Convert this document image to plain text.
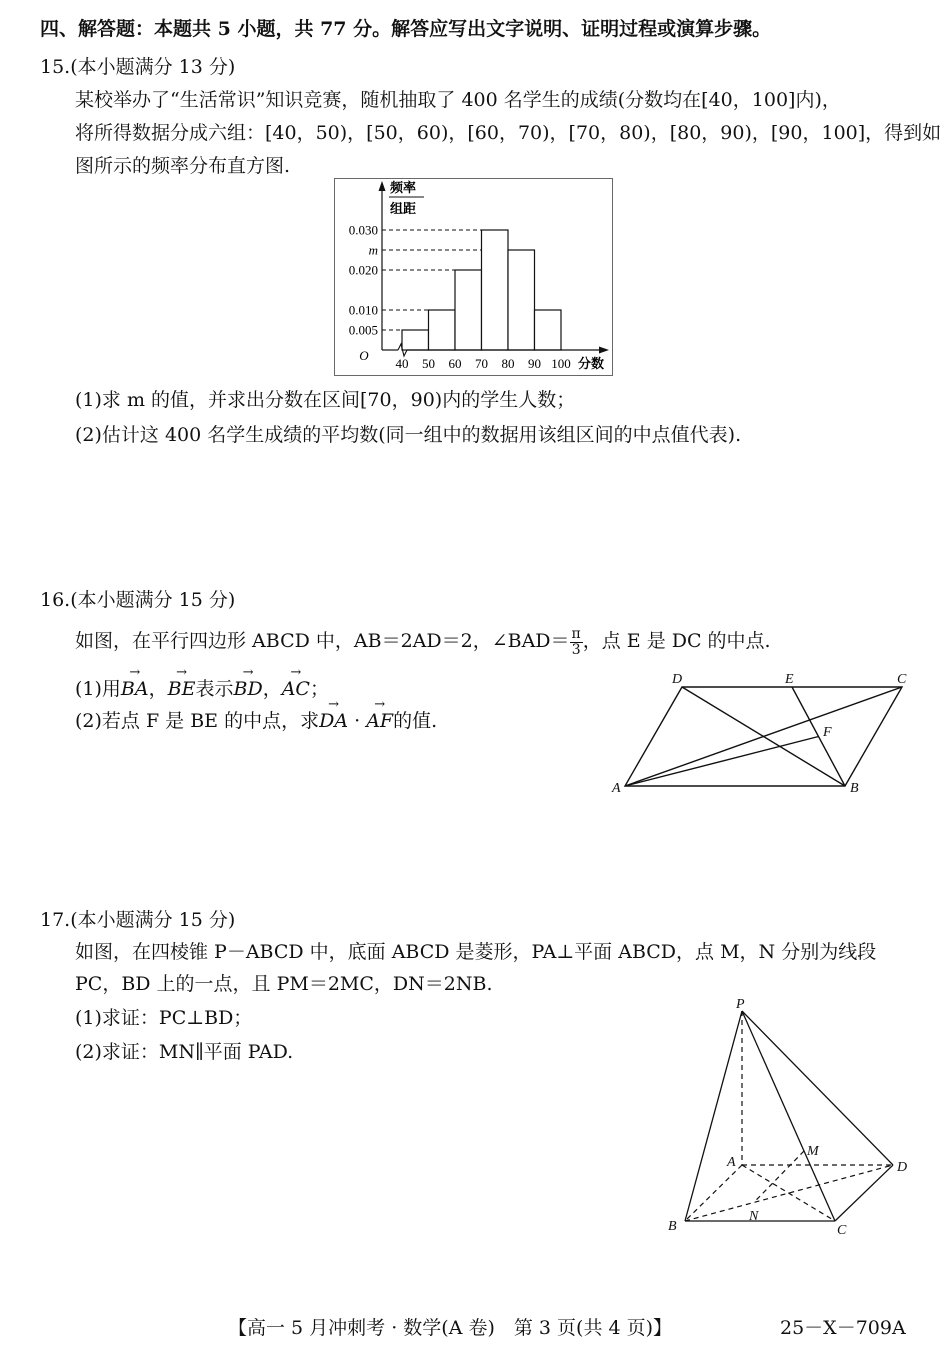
四、解答题：本题共 5 小题，共 77 分。解答应写出文字说明、证明过程或演算步骤。
15.(本小题满分 13 分)
某校举办了“生活常识”知识竞赛，随机抽取了 400 名学生的成绩(分数均在[40，100]内)，
将所得数据分成六组：[40，50)，[50，60)，[60，70)，[70，80)，[80，90)，[90，100]，得到如
图所示的频率分布直方图.
40 50 60 70 80 90 100
0.030
m
0.020
0.010
0.005
O
频率
组距
分数
(1)求 m 的值，并求出分数在区间[70，90)内的学生人数；
(2)估计这 400 名学生成绩的平均数(同一组中的数据用该组区间的中点值代表).
16.(本小题满分 15 分)
如图，在平行四边形 ABCD 中，AB＝2AD＝2，∠BAD＝ $\frac{\pi}{3}$ ，点 E 是 DC 的中点.
(1)用→ BA，→ BE表示→ BD，→ AC；
(2)若点 F 是 BE 的中点，求→ DA · → AF的值.
A	B
C
D	E
F
17.(本小题满分 15 分)
如图，在四棱锥 P－ABCD 中，底面 ABCD 是菱形，PA⊥平面 ABCD，点 M，N 分别为线段
PC，BD 上的一点，且 PM＝2MC，DN＝2NB.
(1)求证：PC⊥BD；
(2)求证：MN∥平面 PAD.
P
A
B	C
D
M
N
【高一 5 月冲刺考 · 数学(A 卷)　第 3 页(共 4 页)】	25－X－709A
